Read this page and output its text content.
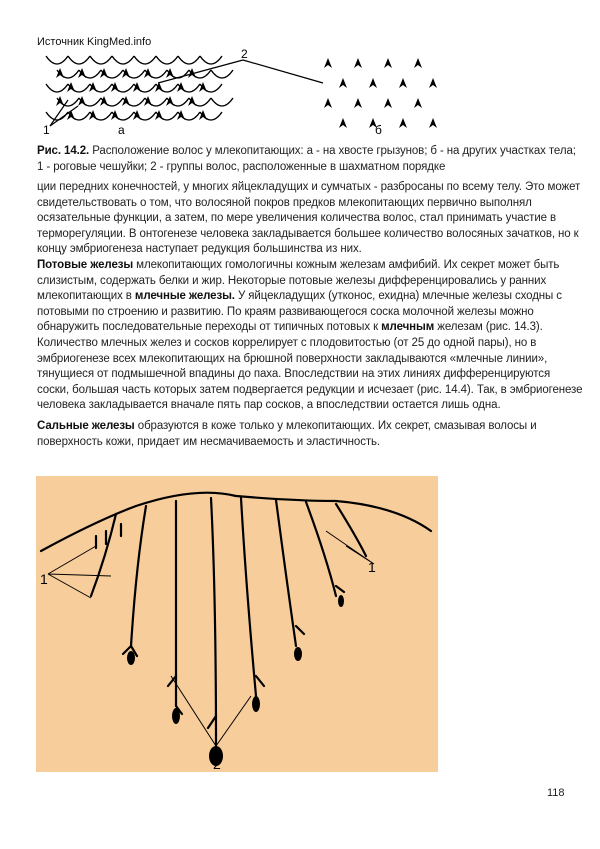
Источник KingMed.info
1
2
а	б
Рис. 14.2. Расположение волос у млекопитающих: а - на хвосте грызунов; б - на других участках тела; 1 - роговые чешуйки; 2 - группы волос, расположенные в шахматном порядке

ции передних конечностей, у многих яйцекладущих и сумчатых - разбросаны по всему телу. Это может свидетельствовать о том, что волосяной покров предков млекопитающих первично выполнял осязательные функции, а затем, по мере увеличения количества волос, стал принимать участие в терморегуляции. В онтогенезе человека закладывается большее количество волосяных зачатков, но к концу эмбриогенеза наступает редукция большинства из них.

Потовые железы млекопитающих гомологичны кожным железам амфибий. Их секрет может быть слизистым, содержать белки и жир. Некоторые потовые железы дифференцировались у ранних млекопитающих в млечные железы. У яйцекладущих (утконос, ехидна) млечные железы сходны с потовыми по строению и развитию. По краям развивающегося соска молочной железы можно обнаружить последовательные переходы от типичных потовых к млечным железам (рис. 14.3). Количество млечных желез и сосков коррелирует с плодовитостью (от 25 до одной пары), но в эмбриогенезе всех млекопитающих на брюшной поверхности закладываются «млечные линии», тянущиеся от подмышечной впадины до паха. Впоследствии на этих линиях дифференцируются соски, большая часть которых затем подвергается редукции и исчезает (рис. 14.4). Так, в эмбриогенезе человека закладывается вначале пять пар сосков, а впоследствии остается лишь одна.

Сальные железы образуются в коже только у млекопитающих. Их секрет, смазывая волосы и поверхность кожи, придает им несмачиваемость и эластичность.

1
1
2
118
